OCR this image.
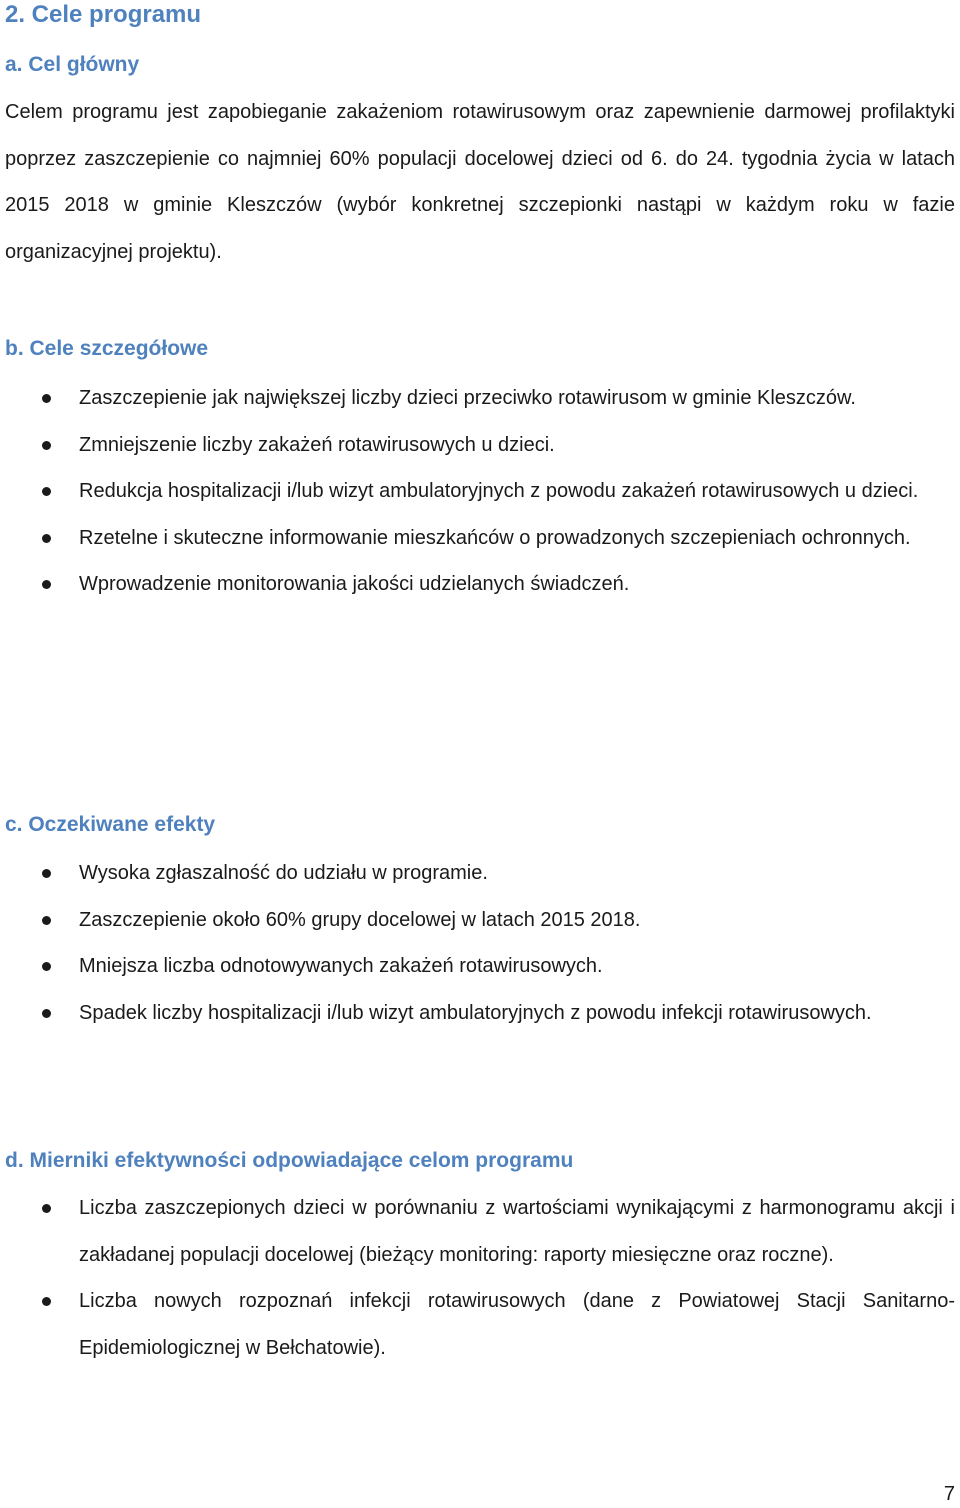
2. Cele programu
a. Cel główny

Celem programu jest zapobieganie zakażeniom rotawirusowym oraz zapewnienie darmowej profilaktyki poprzez zaszczepienie co najmniej 60% populacji docelowej dzieci od 6. do 24. tygodnia życia w latach 2015 2018 w gminie Kleszczów (wybór konkretnej szczepionki nastąpi w każdym roku w fazie organizacyjnej projektu).

b. Cele szczegółowe
Zaszczepienie jak największej liczby dzieci przeciwko rotawirusom w gminie Kleszczów.
Zmniejszenie liczby zakażeń rotawirusowych u dzieci.
Redukcja hospitalizacji i/lub wizyt ambulatoryjnych z powodu zakażeń rotawirusowych u dzieci.
Rzetelne i skuteczne informowanie mieszkańców o prowadzonych szczepieniach ochronnych.
Wprowadzenie monitorowania jakości udzielanych świadczeń.
c. Oczekiwane efekty
Wysoka zgłaszalność do udziału w programie.
Zaszczepienie około 60% grupy docelowej w latach 2015 2018.
Mniejsza liczba odnotowywanych zakażeń rotawirusowych.
Spadek liczby hospitalizacji i/lub wizyt ambulatoryjnych z powodu infekcji rotawirusowych.
d. Mierniki efektywności odpowiadające celom programu
Liczba zaszczepionych dzieci w porównaniu z wartościami wynikającymi z harmonogramu akcji i zakładanej populacji docelowej (bieżący monitoring: raporty miesięczne oraz roczne).
Liczba nowych rozpoznań infekcji rotawirusowych (dane z Powiatowej Stacji Sanitarno-Epidemiologicznej w Bełchatowie).
7
